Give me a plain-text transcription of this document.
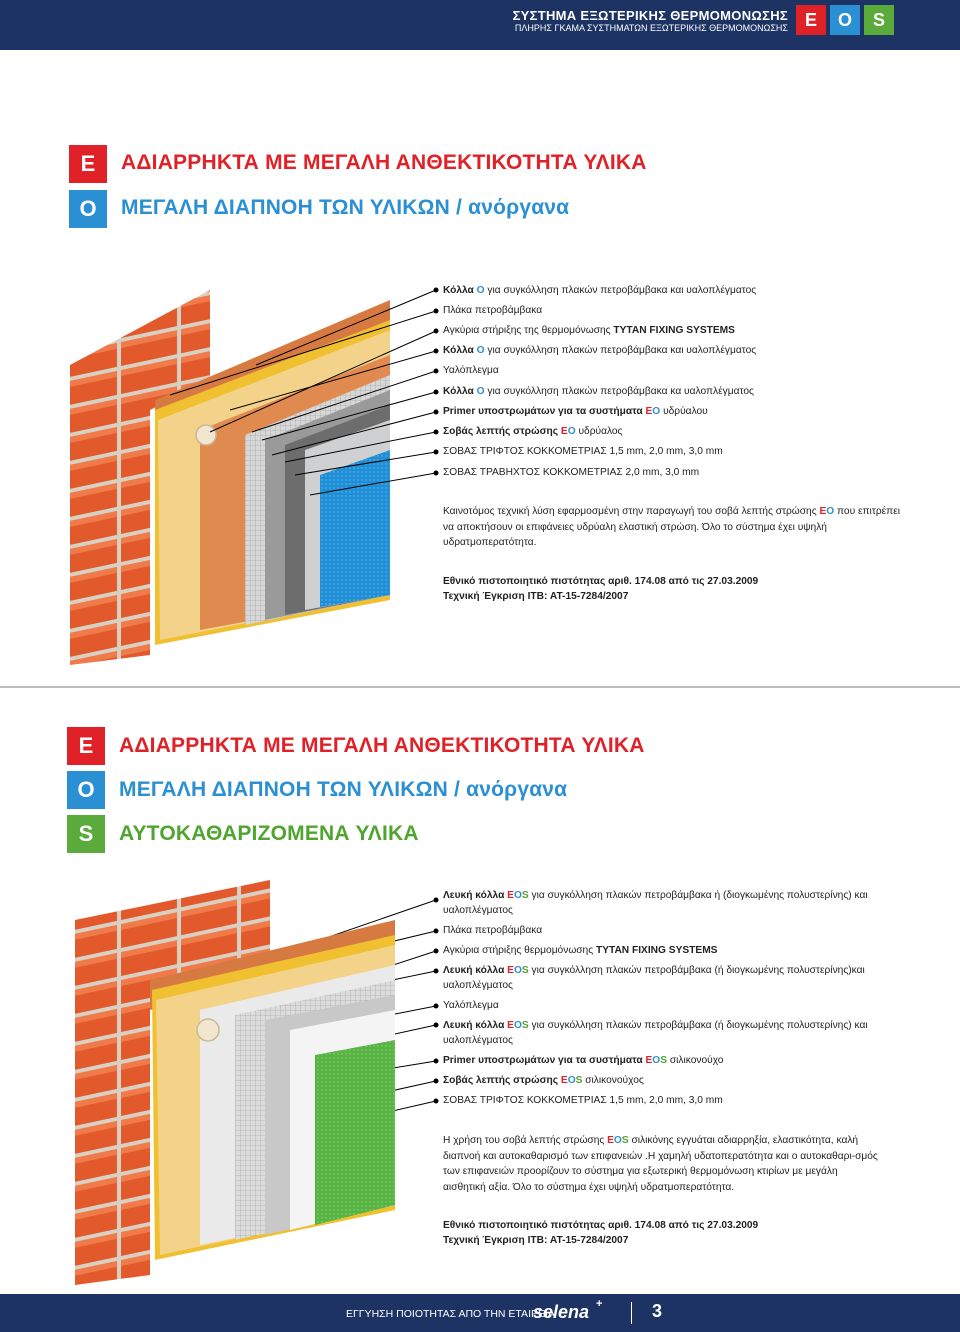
ΣΥΣΤΗΜΑ ΕΞΩΤΕΡΙΚΗΣ ΘΕΡΜΟΜΟΝΩΣΗΣ
ΠΛΗΡΗΣ ΓΚΑΜΑ ΣΥΣΤΗΜΑΤΩΝ ΕΞΩΤΕΡΙΚΗΣ ΘΕΡΜΟΜΟΝΩΣΗΣ E	O	S
E
O
ΑΔΙΑΡΡΗΚΤΑ ΜΕ ΜΕΓΑΛΗ ΑΝΘΕΚΤΙΚΟΤΗΤΑ ΥΛΙΚΑ
ΜΕΓΑΛΗ ΔΙΑΠΝΟΗ ΤΩΝ ΥΛΙΚΩΝ / ανόργανα
Κόλλα O για συγκόλληση πλακών πετροβάμβακα και υαλοπλέγματος
Πλάκα πετροβάμβακα
Αγκύρια στήριξης της θερμομόνωσης TYTAN FIXING SYSTEMS
Κόλλα O για συγκόλληση πλακών πετροβάμβακα και υαλοπλέγματος
Υαλόπλεγμα
Κόλλα O για συγκόλληση πλακών πετροβάμβακα κα υαλοπλέγματος
Primer υποστρωμάτων για τα συστήματα EO υδρύαλου
Σοβάς λεπτής στρώσης EO υδρύαλος
ΣΟΒΑΣ ΤΡΙΦΤΟΣ ΚΟΚΚΟΜΕΤΡΙΑΣ 1,5 mm, 2,0 mm, 3,0 mm
ΣΟΒΑΣ ΤΡΑΒΗΧΤΟΣ ΚΟΚΚΟΜΕΤΡΙΑΣ 2,0 mm, 3,0 mm
Καινοτόμος τεχνική λύση εφαρμοσμένη στην παραγωγή του σοβά λεπτής στρώσης EO που επιτρέπει να αποκτήσουν οι επιφάνειες υδρύαλη ελαστική στρώση. Όλο το σύστημα έχει υψηλή υδρατμοπερατότητα.
Εθνικό πιστοποιητικό πιστότητας αριθ. 174.08 από τις 27.03.2009
Τεχνική Έγκριση ITB: AT-15-7284/2007
E
O
S
ΑΔΙΑΡΡΗΚΤΑ ΜΕ ΜΕΓΑΛΗ ΑΝΘΕΚΤΙΚΟΤΗΤΑ ΥΛΙΚΑ
ΜΕΓΑΛΗ ΔΙΑΠΝΟΗ ΤΩΝ ΥΛΙΚΩΝ / ανόργανα
ΑΥΤΟΚΑΘΑΡΙΖΟΜΕΝΑ ΥΛΙΚΑ
Λευκή κόλλα EOS για συγκόλληση πλακών πετροβάμβακα ή (διογκωμένης πολυστερίνης) και
υαλοπλέγματος
Πλάκα πετροβάμβακα
Αγκύρια στήριξης θερμομόνωσης TYTAN FIXING SYSTEMS
Λευκή κόλλα EOS για συγκόλληση πλακών πετροβάμβακα (ή διογκωμένης πολυστερίνης)και
υαλοπλέγματος
Υαλόπλεγμα
Λευκή κόλλα EOS για συγκόλληση πλακών πετροβάμβακα (ή διογκωμένης πολυστερίνης) και
υαλοπλέγματος
Primer υποστρωμάτων για τα συστήματα EOS σιλικονούχο
Σοβάς λεπτής στρώσης EOS σιλικονούχος
ΣΟΒΑΣ ΤΡΙΦΤΟΣ ΚΟΚΚΟΜΕΤΡΙΑΣ 1,5 mm, 2,0 mm, 3,0 mm
Η χρήση του σοβά λεπτής στρώσης EOS σιλικόνης εγγυάται αδιαρρηξία, ελαστικότητα, καλή διαπνοή και αυτοκαθαρισμό των επιφανειών .Η χαμηλή υδατοπερατότητα και ο αυτοκαθαρι-σμός των επιφανειών προορίζουν το σύστημα για εξωτερική θερμομόνωση κτιρίων με μεγάλη αισθητική αξία. Όλο το σύστημα έχει υψηλή υδρατμοπερατότητα.
Εθνικό πιστοποιητικό πιστότητας αριθ. 174.08 από τις 27.03.2009
Τεχνική Έγκριση ITB: AT-15-7284/2007
ΕΓΓΥΗΣΗ ΠΟΙΟΤΗΤΑΣ ΑΠΟ ΤΗΝ ΕΤΑΙΡΕΙΑ
selena +	3
